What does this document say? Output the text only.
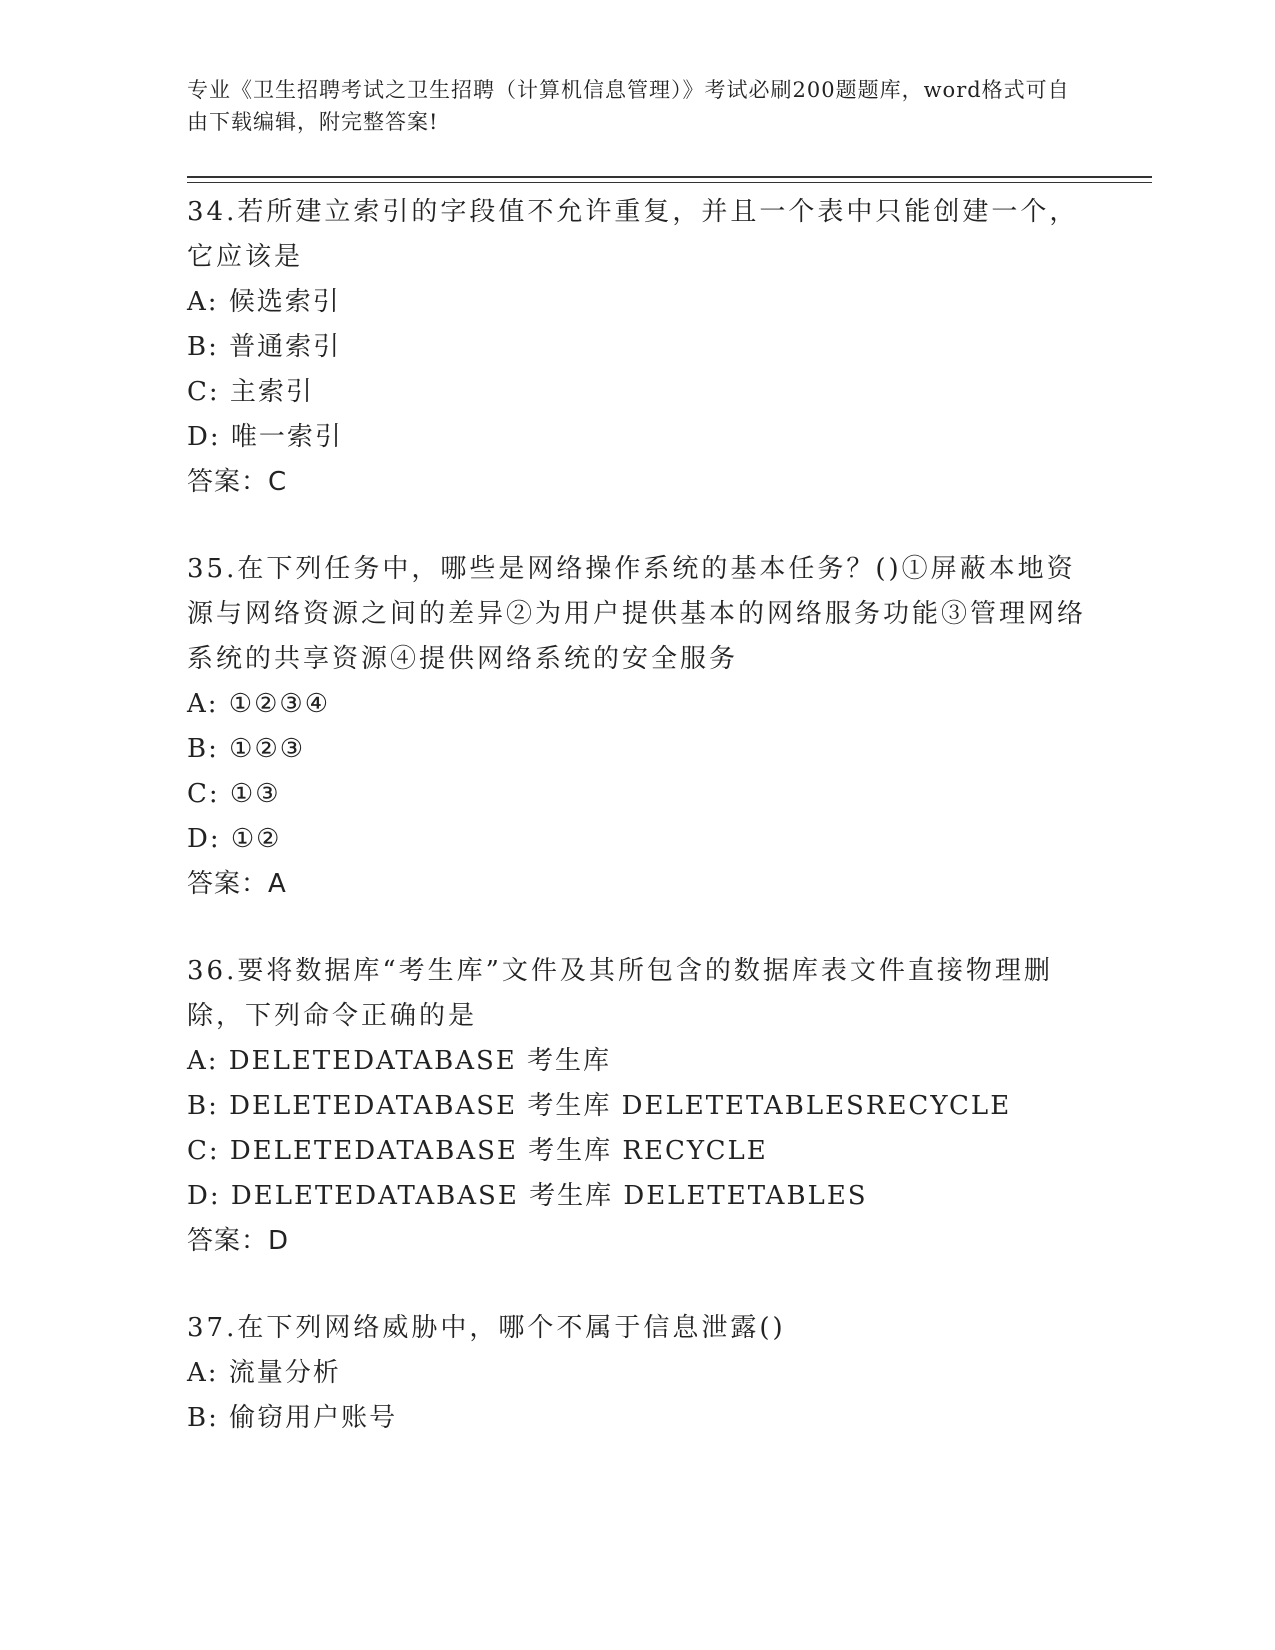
专业《卫生招聘考试之卫生招聘（计算机信息管理）》考试必刷200题题库，word格式可自由下载编辑，附完整答案!

34.若所建立索引的字段值不允许重复，并且一个表中只能创建一个，它应该是

A: 候选索引

B: 普通索引

C: 主索引

D: 唯一索引

答案：C

35.在下列任务中，哪些是网络操作系统的基本任务？()①屏蔽本地资源与网络资源之间的差异②为用户提供基本的网络服务功能③管理网络系统的共享资源④提供网络系统的安全服务

A: ①②③④

B: ①②③

C: ①③

D: ①②

答案：A

36.要将数据库“考生库”文件及其所包含的数据库表文件直接物理删除，下列命令正确的是

A: DELETEDATABASE 考生库

B: DELETEDATABASE 考生库 DELETETABLESRECYCLE

C: DELETEDATABASE 考生库 RECYCLE

D: DELETEDATABASE 考生库 DELETETABLES

答案：D

37.在下列网络威胁中，哪个不属于信息泄露()

A: 流量分析

B: 偷窃用户账号
